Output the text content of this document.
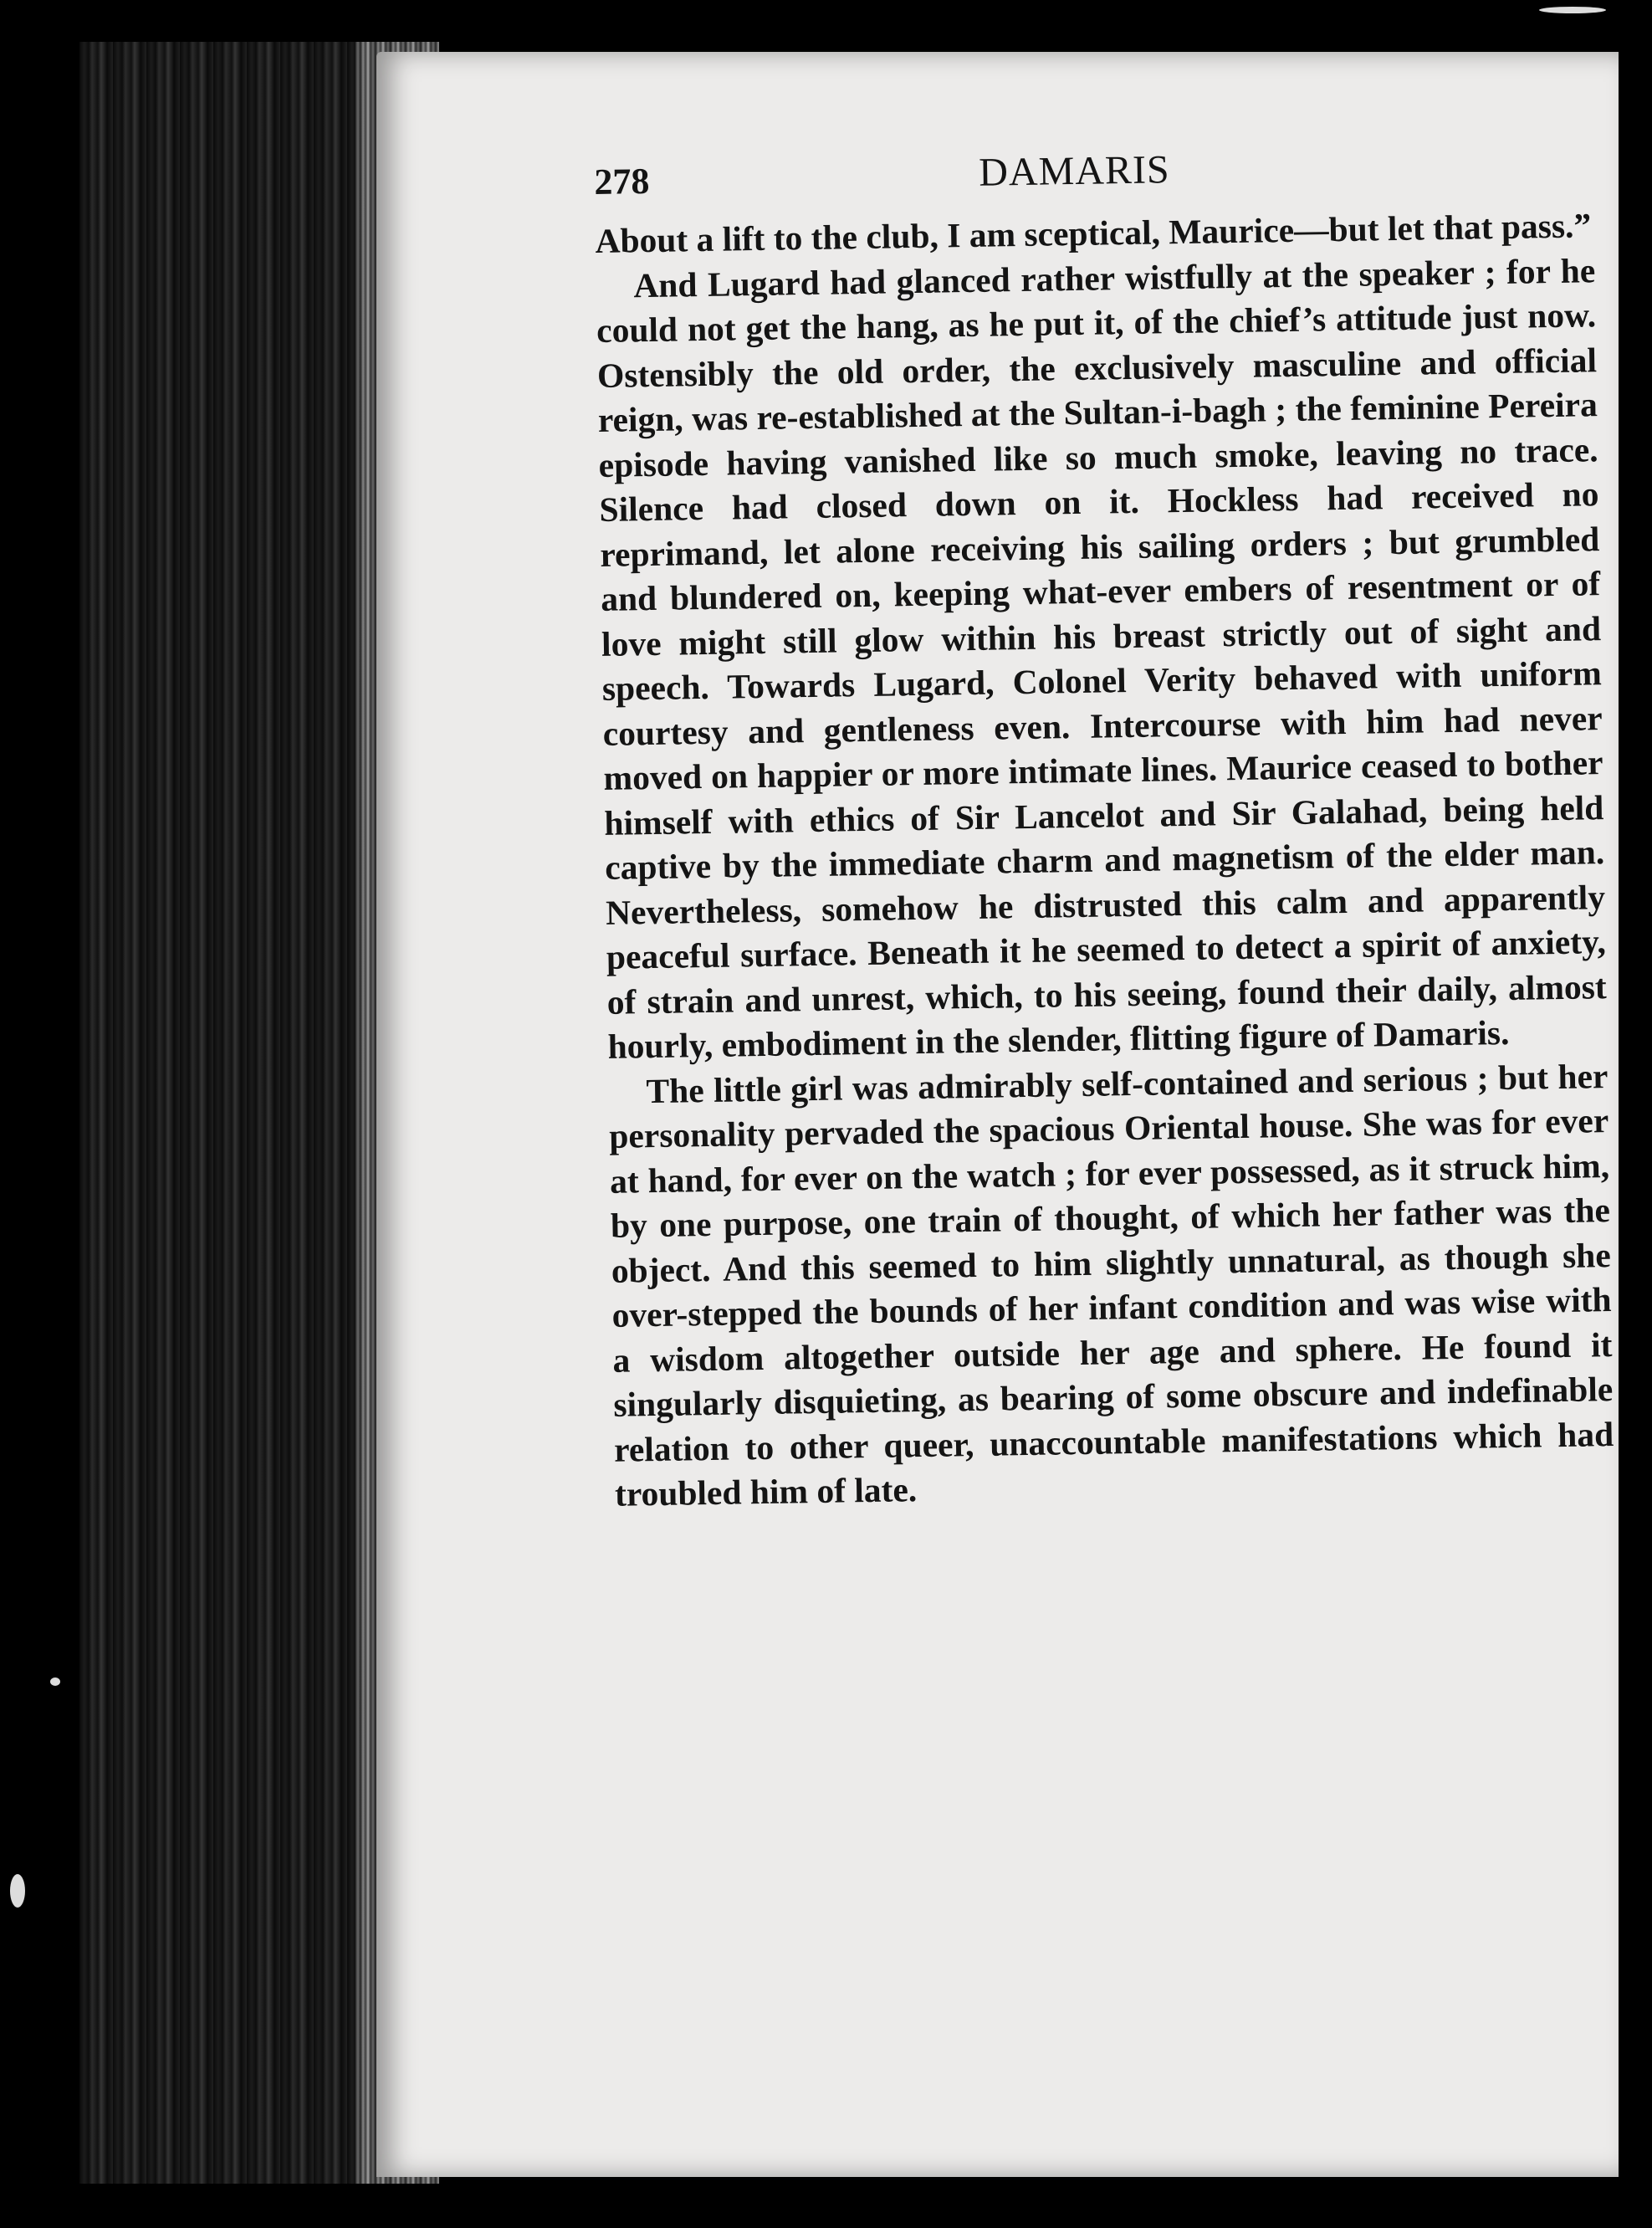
278	DAMARIS

About a lift to the club, I am sceptical, Maurice—but let that pass.”

And Lugard had glanced rather wistfully at the speaker ; for he could not get the hang, as he put it, of the chief’s attitude just now. Ostensibly the old order, the exclusively masculine and official reign, was re-established at the Sultan-i-bagh ; the feminine Pereira episode having vanished like so much smoke, leaving no trace. Silence had closed down on it. Hockless had received no reprimand, let alone receiving his sailing orders ; but grumbled and blundered on, keeping what-ever embers of resentment or of love might still glow within his breast strictly out of sight and speech. Towards Lugard, Colonel Verity behaved with uniform courtesy and gentleness even. Intercourse with him had never moved on happier or more intimate lines. Maurice ceased to bother himself with ethics of Sir Lancelot and Sir Galahad, being held captive by the immediate charm and magnetism of the elder man. Nevertheless, somehow he distrusted this calm and apparently peaceful surface. Beneath it he seemed to detect a spirit of anxiety, of strain and unrest, which, to his seeing, found their daily, almost hourly, embodiment in the slender, flitting figure of Damaris.

The little girl was admirably self-contained and serious ; but her personality pervaded the spacious Oriental house. She was for ever at hand, for ever on the watch ; for ever possessed, as it struck him, by one purpose, one train of thought, of which her father was the object. And this seemed to him slightly unnatural, as though she over-stepped the bounds of her infant condition and was wise with a wisdom altogether outside her age and sphere. He found it singularly disquieting, as bearing of some obscure and indefinable relation to other queer, unaccountable manifestations which had troubled him of late.
